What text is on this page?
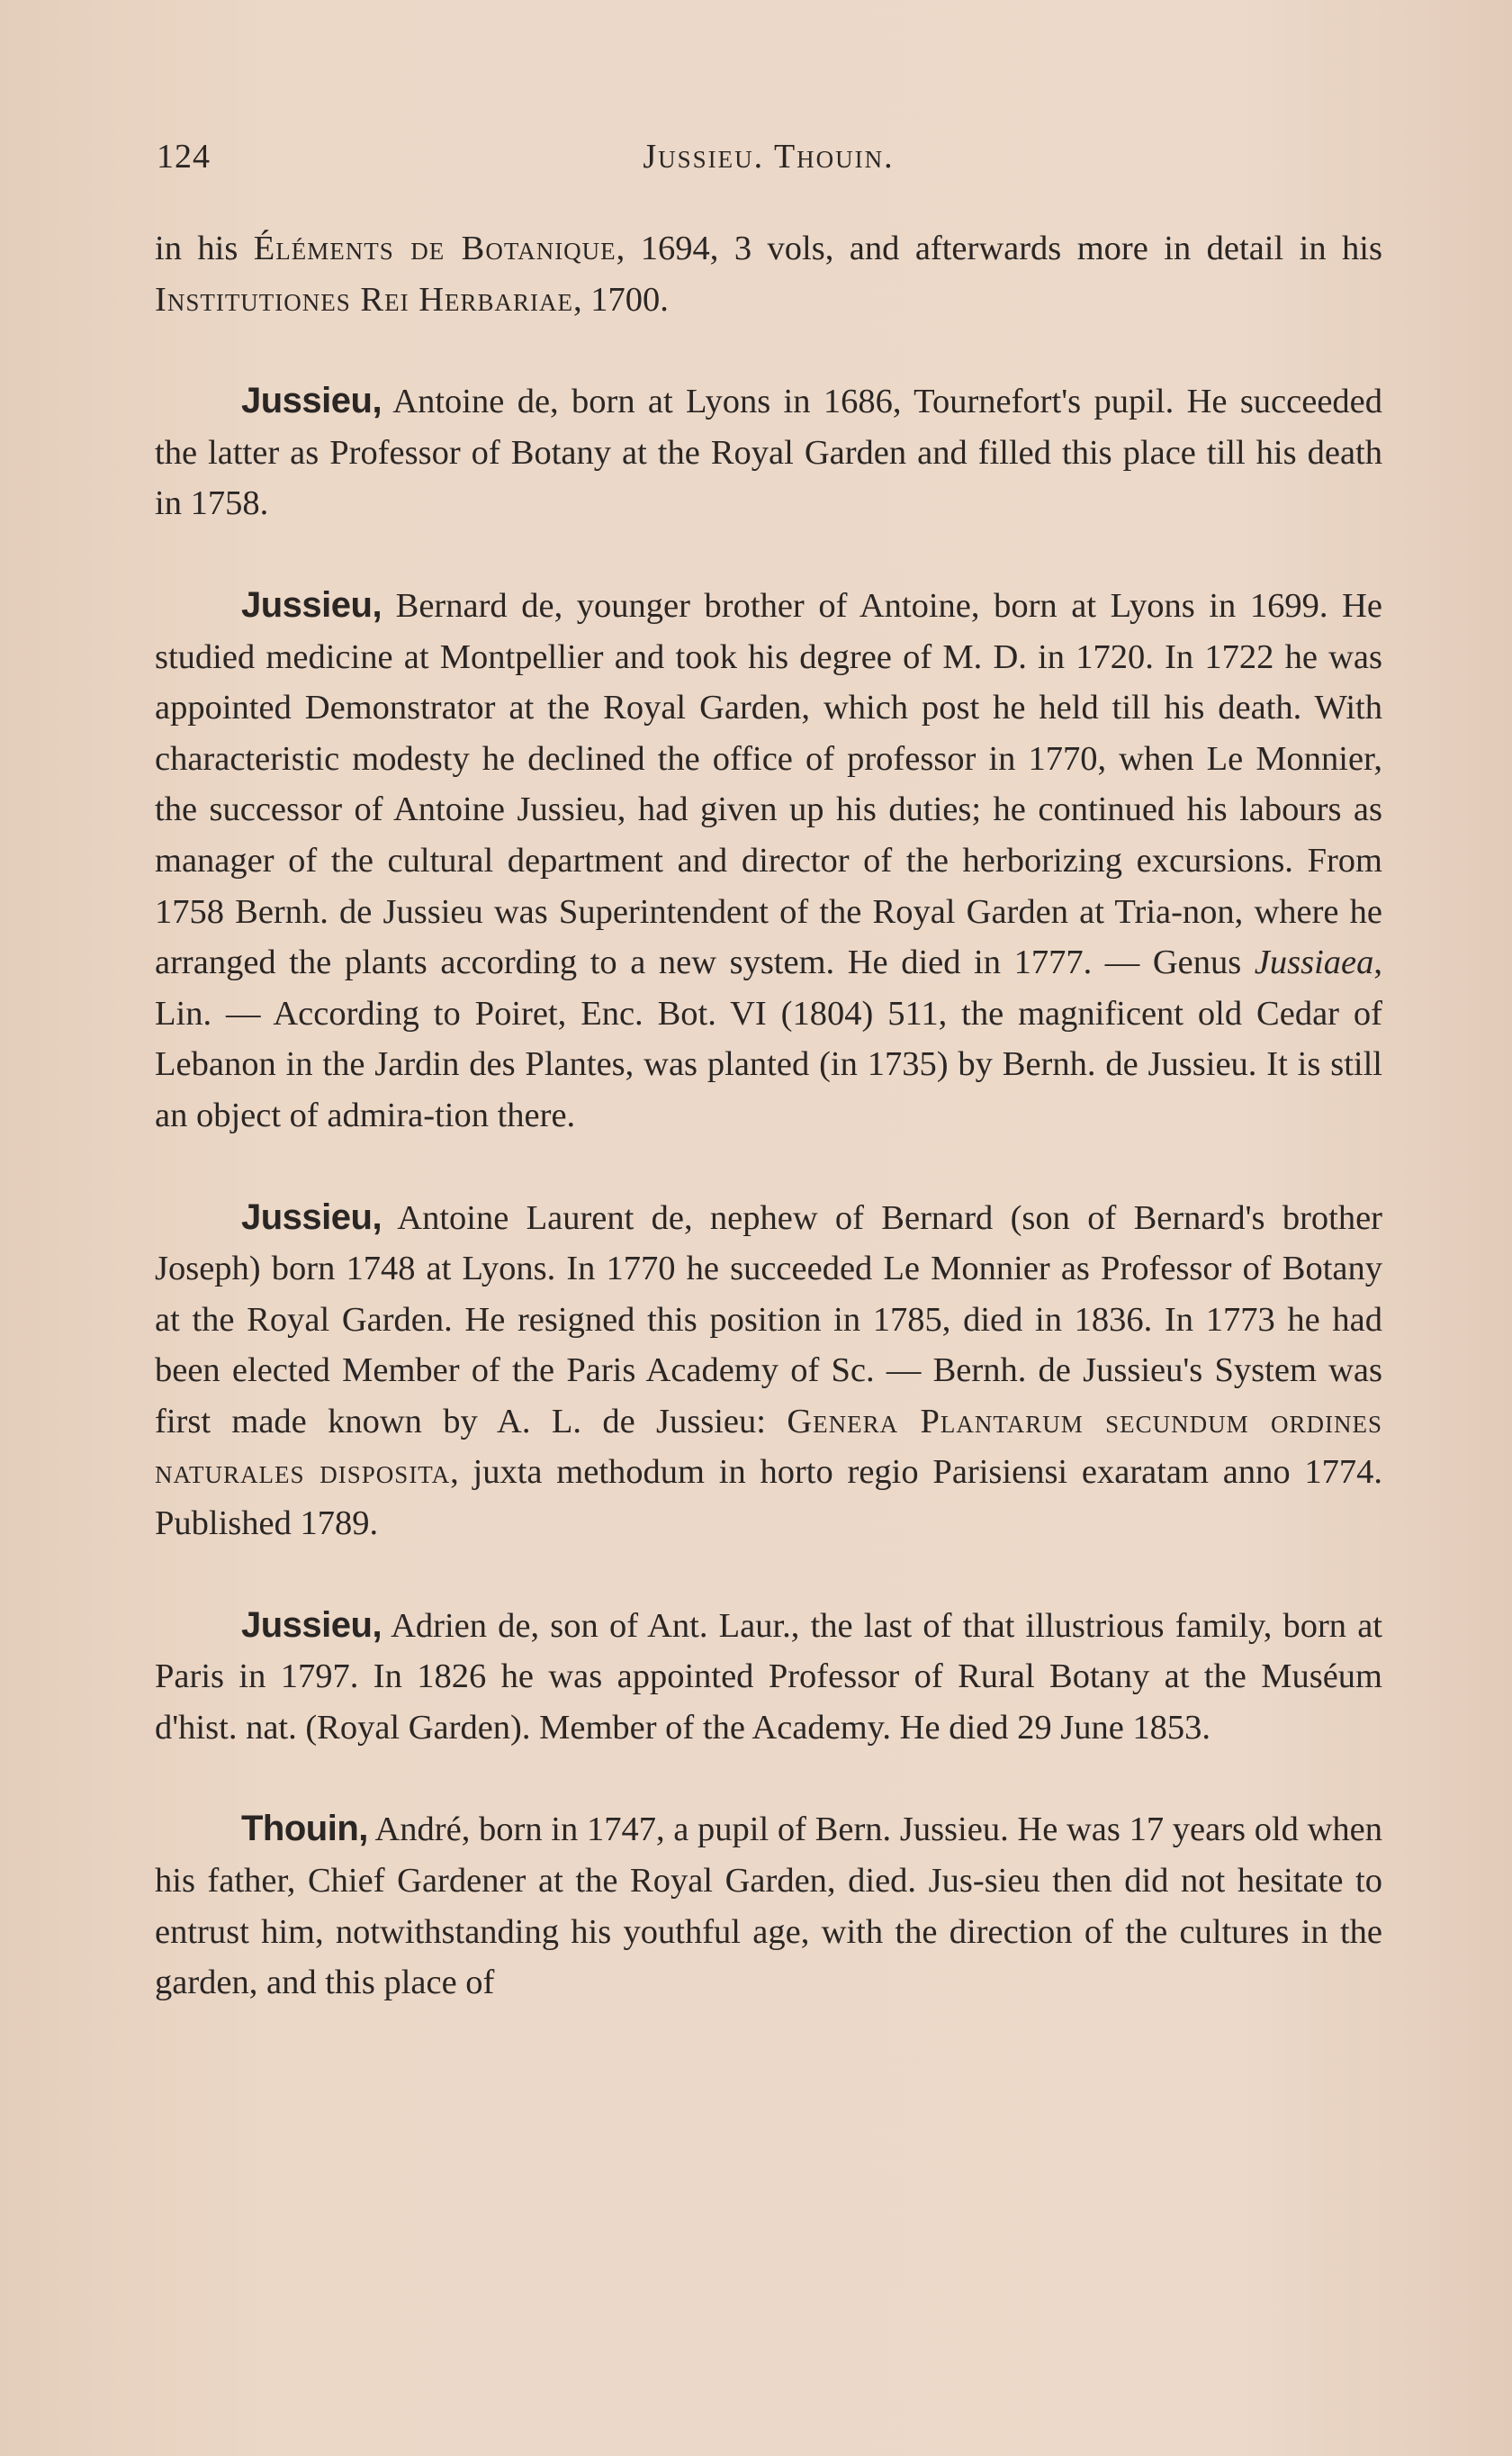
124	Jussieu. Thouin.

in his Éléments de Botanique, 1694, 3 vols, and afterwards more in detail in his Institutiones Rei Herbariae, 1700.

Jussieu, Antoine de, born at Lyons in 1686, Tournefort's pupil. He succeeded the latter as Professor of Botany at the Royal Garden and filled this place till his death in 1758.

Jussieu, Bernard de, younger brother of Antoine, born at Lyons in 1699. He studied medicine at Montpellier and took his degree of M. D. in 1720. In 1722 he was appointed Demonstrator at the Royal Garden, which post he held till his death. With characteristic modesty he declined the office of professor in 1770, when Le Monnier, the successor of Antoine Jussieu, had given up his duties; he continued his labours as manager of the cultural department and director of the herborizing excursions. From 1758 Bernh. de Jussieu was Superintendent of the Royal Garden at Tria-non, where he arranged the plants according to a new system. He died in 1777. — Genus Jussiaea, Lin. — According to Poiret, Enc. Bot. VI (1804) 511, the magnificent old Cedar of Lebanon in the Jardin des Plantes, was planted (in 1735) by Bernh. de Jussieu. It is still an object of admira-tion there.

Jussieu, Antoine Laurent de, nephew of Bernard (son of Bernard's brother Joseph) born 1748 at Lyons. In 1770 he succeeded Le Monnier as Professor of Botany at the Royal Garden. He resigned this position in 1785, died in 1836. In 1773 he had been elected Member of the Paris Academy of Sc. — Bernh. de Jussieu's System was first made known by A. L. de Jussieu: Genera Plantarum secundum ordines naturales disposita, juxta methodum in horto regio Parisiensi exaratam anno 1774. Published 1789.

Jussieu, Adrien de, son of Ant. Laur., the last of that illustrious family, born at Paris in 1797. In 1826 he was appointed Professor of Rural Botany at the Muséum d'hist. nat. (Royal Garden). Member of the Academy. He died 29 June 1853.

Thouin, André, born in 1747, a pupil of Bern. Jussieu. He was 17 years old when his father, Chief Gardener at the Royal Garden, died. Jus-sieu then did not hesitate to entrust him, notwithstanding his youthful age, with the direction of the cultures in the garden, and this place of
